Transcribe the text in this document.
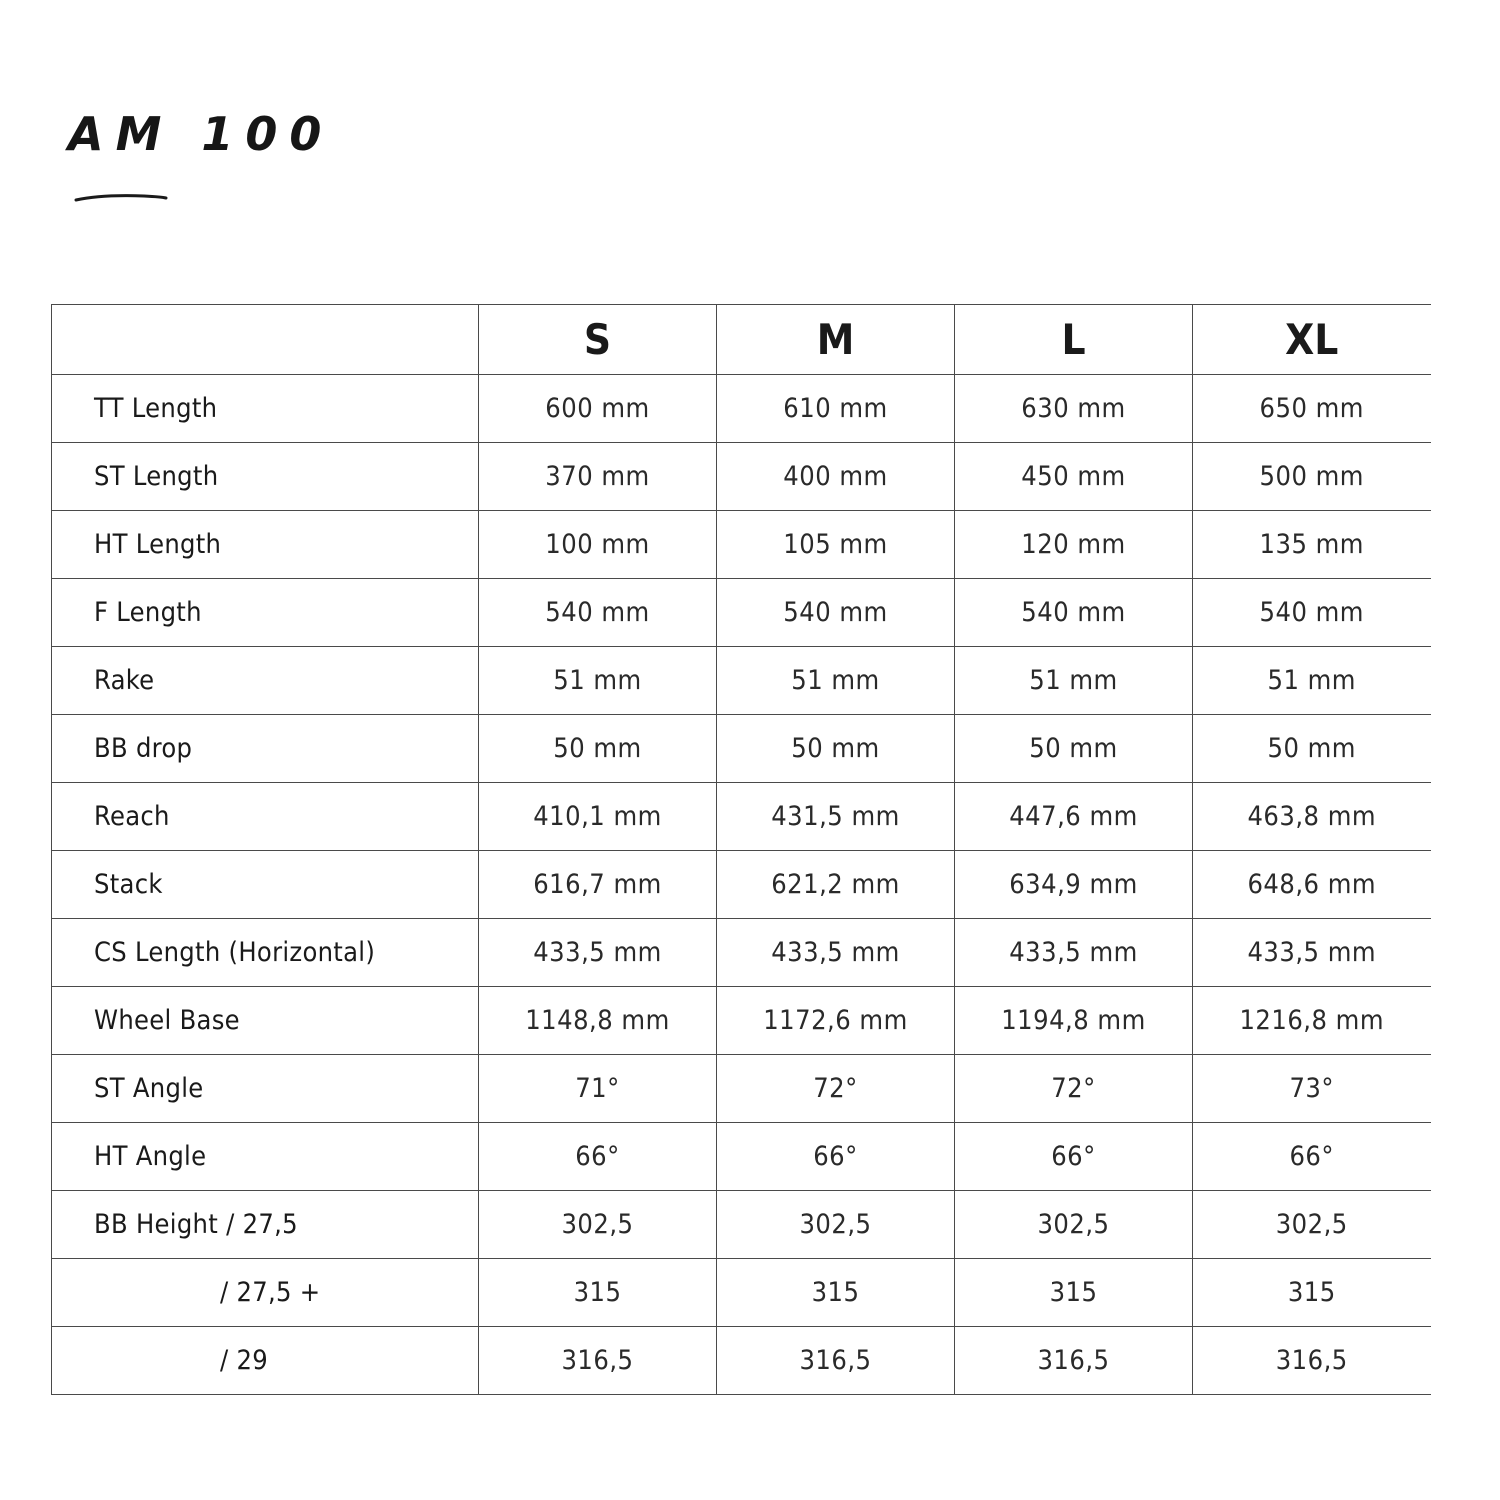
AM 100
	S	M	L	XL
TT Length	600 mm	610 mm	630 mm	650 mm
ST Length	370 mm	400 mm	450 mm	500 mm
HT Length	100 mm	105 mm	120 mm	135 mm
F Length	540 mm	540 mm	540 mm	540 mm
Rake	51 mm	51 mm	51 mm	51 mm
BB drop	50 mm	50 mm	50 mm	50 mm
Reach	410,1 mm	431,5 mm	447,6 mm	463,8 mm
Stack	616,7 mm	621,2 mm	634,9 mm	648,6 mm
CS Length (Horizontal)	433,5 mm	433,5 mm	433,5 mm	433,5 mm
Wheel Base	1148,8 mm	1172,6 mm	1194,8 mm	1216,8 mm
ST Angle	71°	72°	72°	73°
HT Angle	66°	66°	66°	66°
BB Height / 27,5	302,5	302,5	302,5	302,5
/ 27,5 +	315	315	315	315
/ 29	316,5	316,5	316,5	316,5
